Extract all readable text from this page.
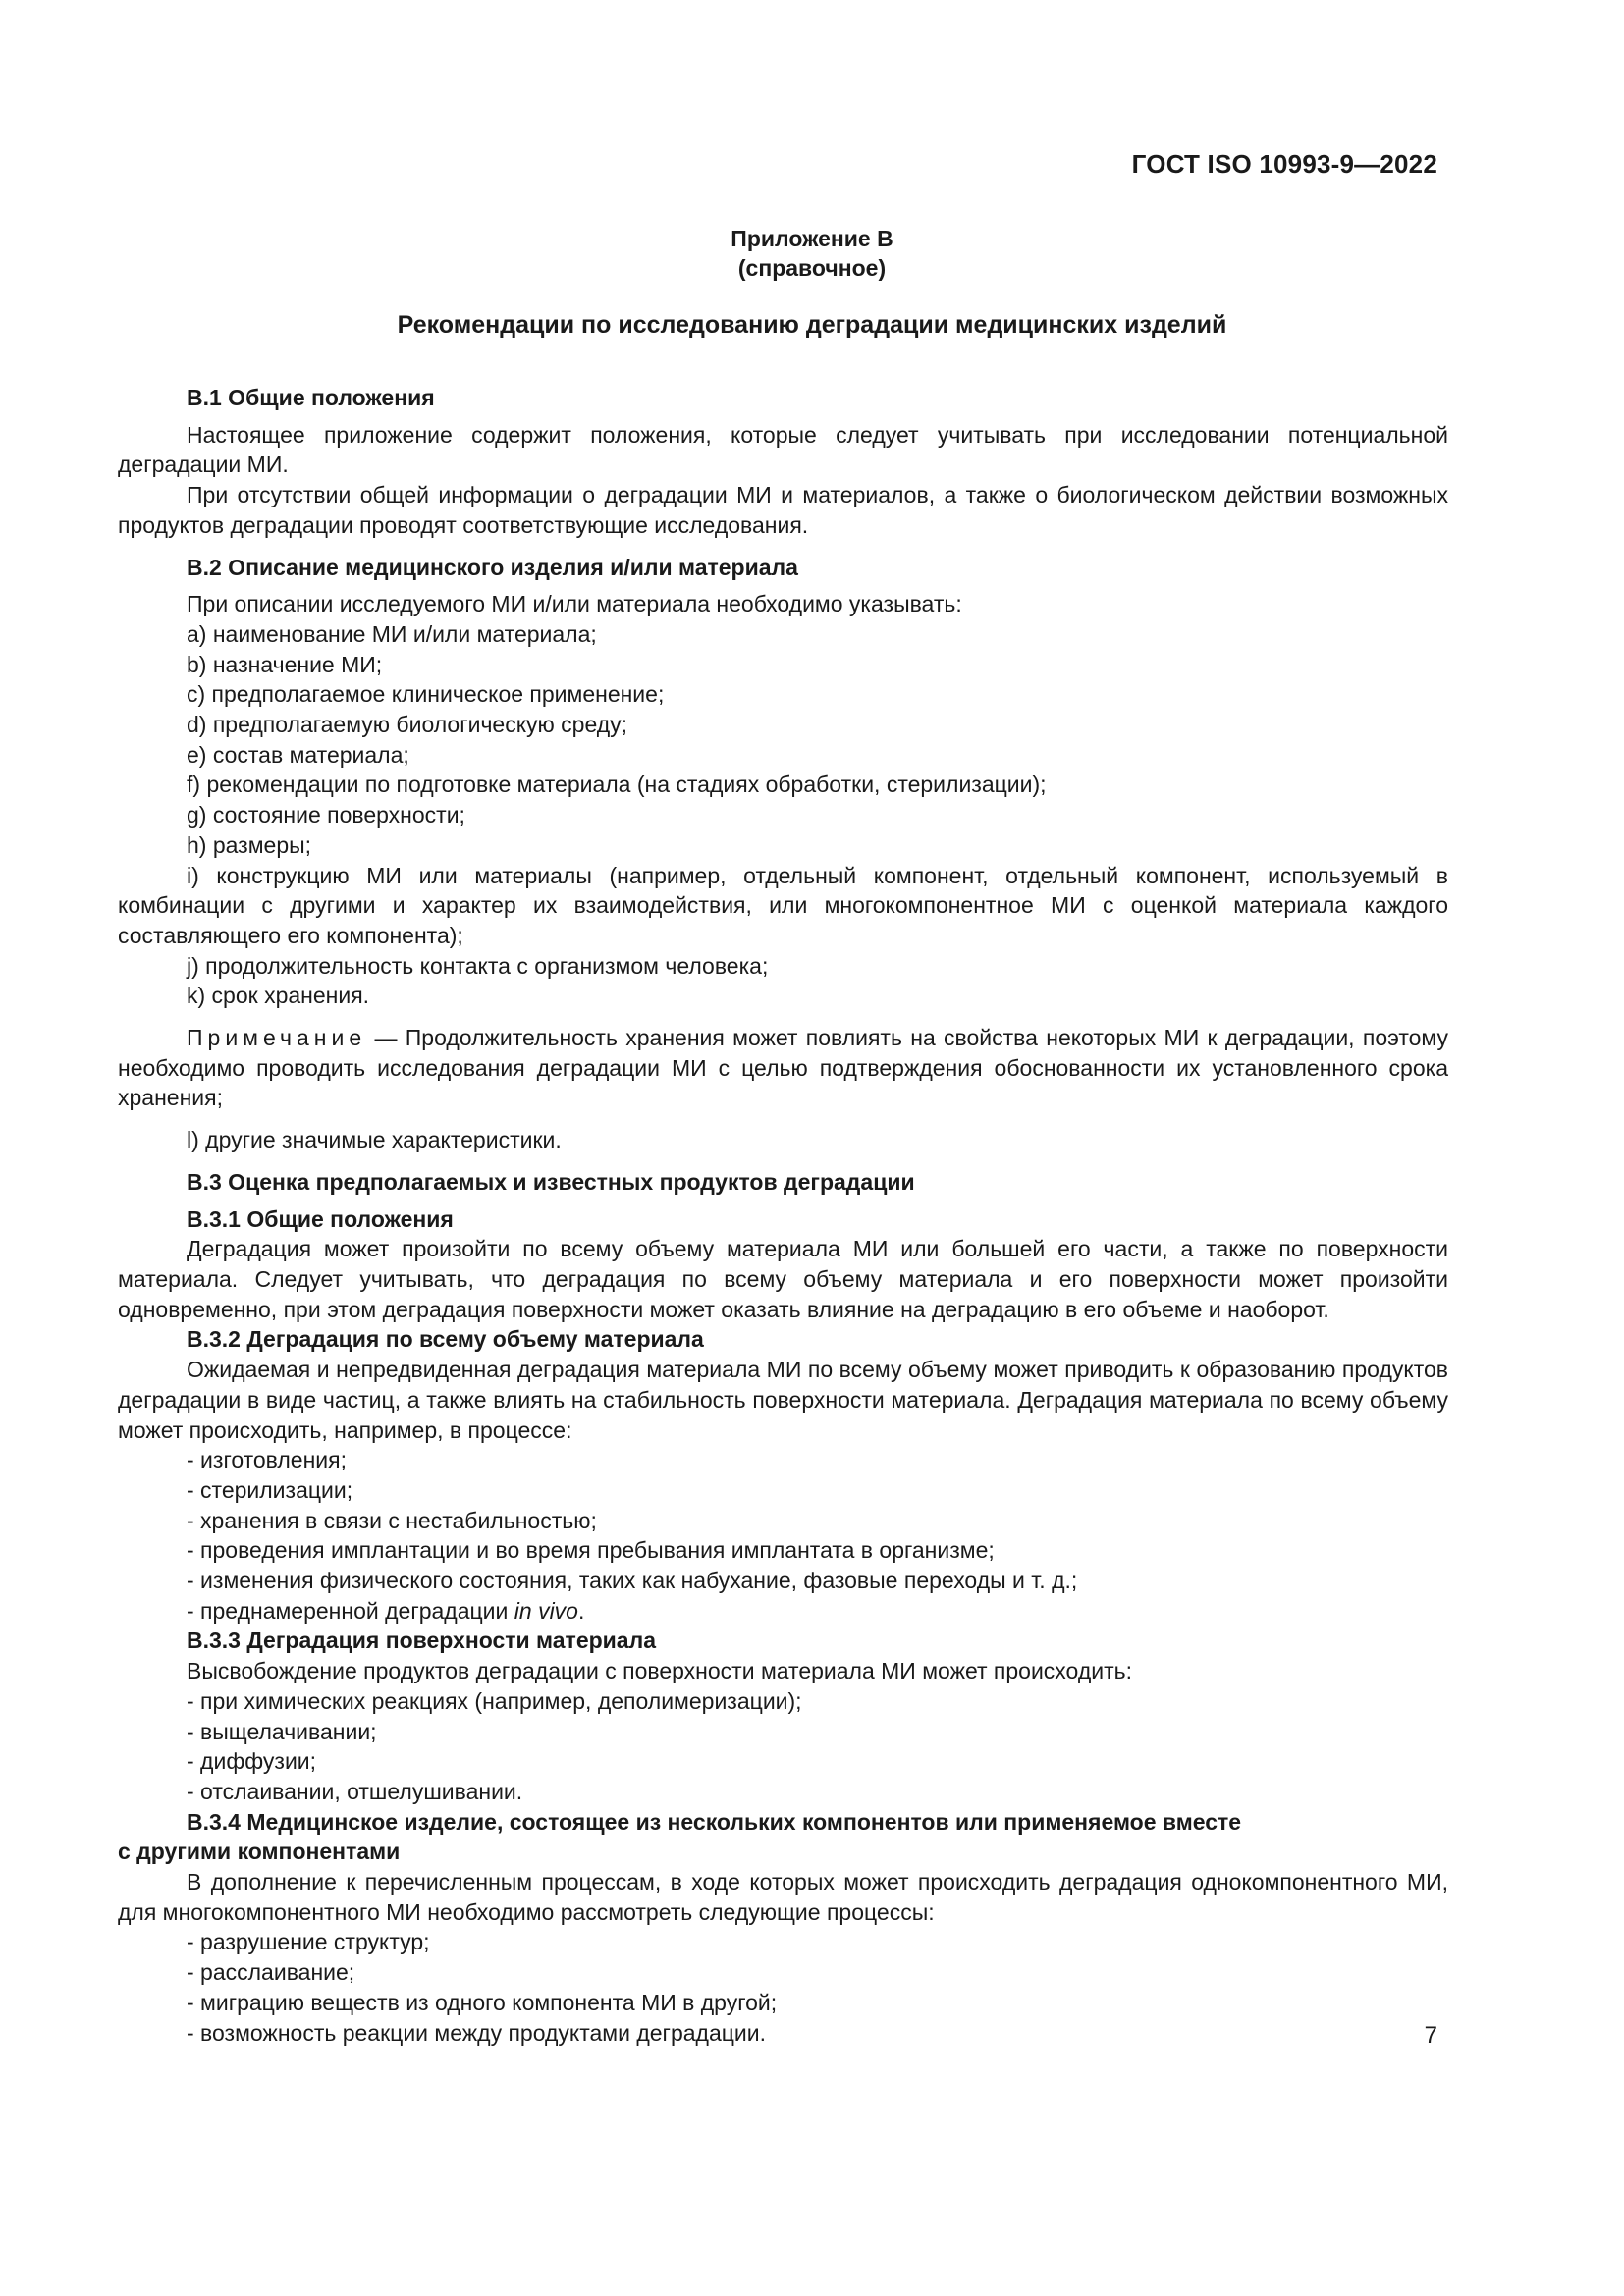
ГОСТ ISO 10993-9—2022
Приложение В
(справочное)
Рекомендации по исследованию деградации медицинских изделий
В.1 Общие положения
Настоящее приложение содержит положения, которые следует учитывать при исследовании потенциальной деградации МИ.
При отсутствии общей информации о деградации МИ и материалов, а также о биологическом действии возможных продуктов деградации проводят соответствующие исследования.
В.2 Описание медицинского изделия и/или материала
При описании исследуемого МИ и/или материала необходимо указывать:
a) наименование МИ и/или материала;
b) назначение МИ;
c) предполагаемое клиническое применение;
d) предполагаемую биологическую среду;
e) состав материала;
f) рекомендации по подготовке материала (на стадиях обработки, стерилизации);
g) состояние поверхности;
h) размеры;
i) конструкцию МИ или материалы (например, отдельный компонент, отдельный компонент, используемый в комбинации с другими и характер их взаимодействия, или многокомпонентное МИ с оценкой материала каждого составляющего его компонента);
j) продолжительность контакта с организмом человека;
k) срок хранения.
Примечание — Продолжительность хранения может повлиять на свойства некоторых МИ к деградации, поэтому необходимо проводить исследования деградации МИ с целью подтверждения обоснованности их установленного срока хранения;
l) другие значимые характеристики.
В.3 Оценка предполагаемых и известных продуктов деградации
В.3.1 Общие положения
Деградация может произойти по всему объему материала МИ или большей его части, а также по поверхности материала. Следует учитывать, что деградация по всему объему материала и его поверхности может произойти одновременно, при этом деградация поверхности может оказать влияние на деградацию в его объеме и наоборот.
В.3.2 Деградация по всему объему материала
Ожидаемая и непредвиденная деградация материала МИ по всему объему может приводить к образованию продуктов деградации в виде частиц, а также влиять на стабильность поверхности материала. Деградация материала по всему объему может происходить, например, в процессе:
- изготовления;
- стерилизации;
- хранения в связи с нестабильностью;
- проведения имплантации и во время пребывания имплантата в организме;
- изменения физического состояния, таких как набухание, фазовые переходы и т. д.;
- преднамеренной деградации in vivo.
В.3.3 Деградация поверхности материала
Высвобождение продуктов деградации с поверхности материала МИ может происходить:
- при химических реакциях (например, деполимеризации);
- выщелачивании;
- диффузии;
- отслаивании, отшелушивании.
В.3.4 Медицинское изделие, состоящее из нескольких компонентов или применяемое вместе
с другими компонентами
В дополнение к перечисленным процессам, в ходе которых может происходить деградация однокомпонентного МИ, для многокомпонентного МИ необходимо рассмотреть следующие процессы:
- разрушение структур;
- расслаивание;
- миграцию веществ из одного компонента МИ в другой;
- возможность реакции между продуктами деградации.	7
